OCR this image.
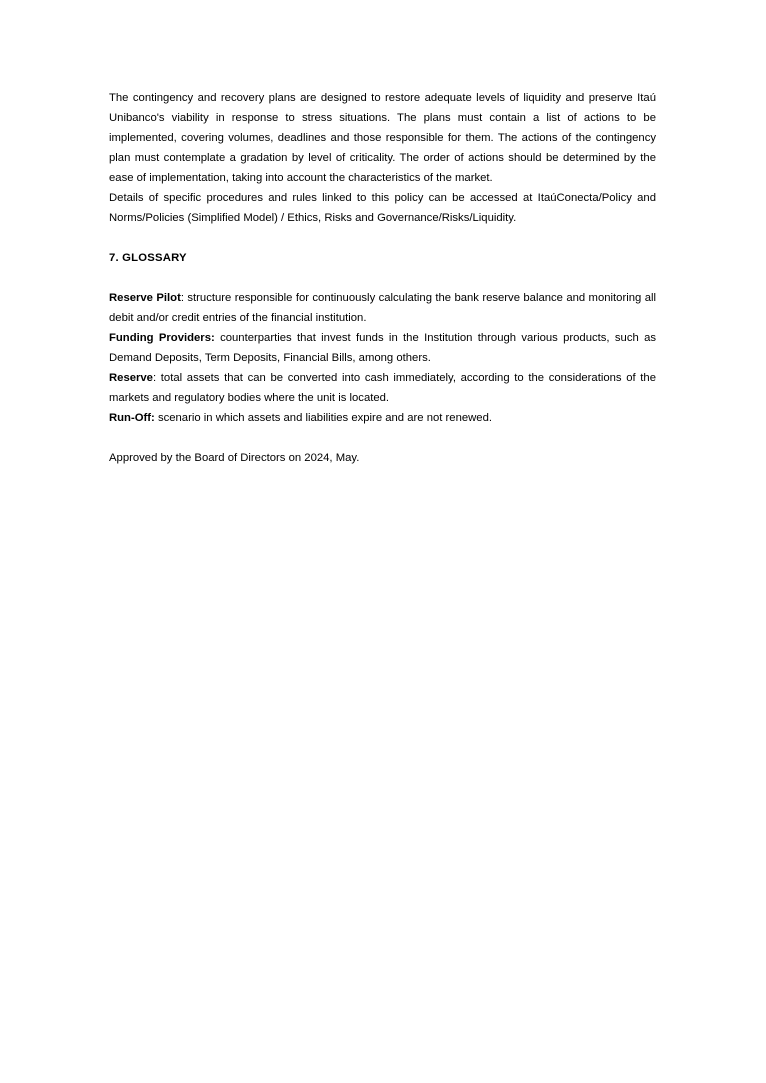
The contingency and recovery plans are designed to restore adequate levels of liquidity and preserve Itaú Unibanco's viability in response to stress situations. The plans must contain a list of actions to be implemented, covering volumes, deadlines and those responsible for them. The actions of the contingency plan must contemplate a gradation by level of criticality. The order of actions should be determined by the ease of implementation, taking into account the characteristics of the market.

Details of specific procedures and rules linked to this policy can be accessed at ItaúConecta/Policy and Norms/Policies (Simplified Model) / Ethics, Risks and Governance/Risks/Liquidity.

7. GLOSSARY

Reserve Pilot: structure responsible for continuously calculating the bank reserve balance and monitoring all debit and/or credit entries of the financial institution.

Funding Providers: counterparties that invest funds in the Institution through various products, such as Demand Deposits, Term Deposits, Financial Bills, among others.

Reserve: total assets that can be converted into cash immediately, according to the considerations of the markets and regulatory bodies where the unit is located.

Run-Off: scenario in which assets and liabilities expire and are not renewed.

Approved by the Board of Directors on 2024, May.
